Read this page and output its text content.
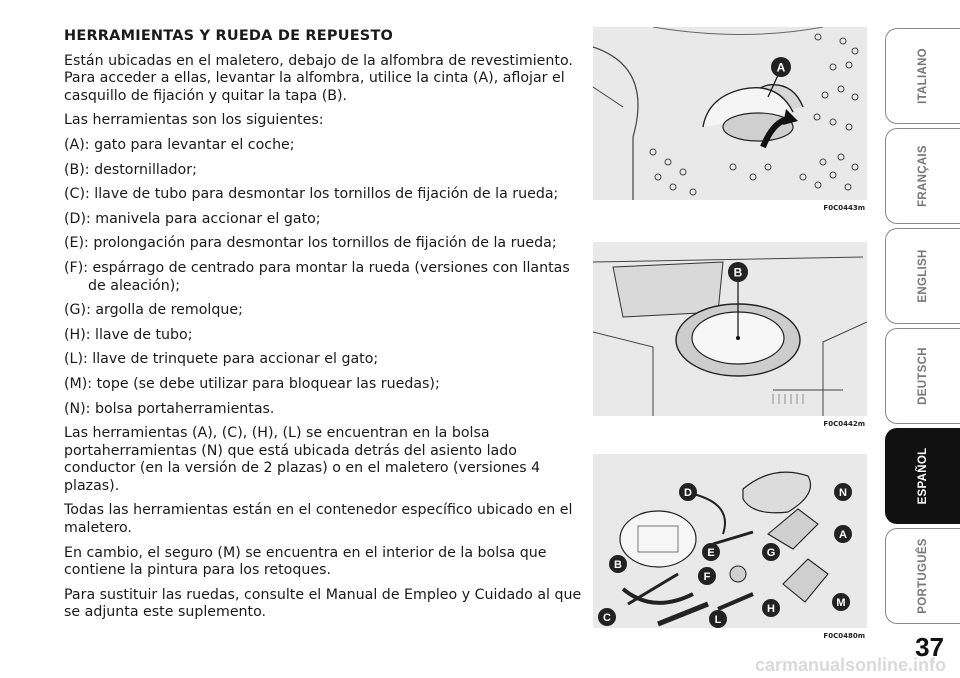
HERRAMIENTAS Y RUEDA DE REPUESTO
Están ubicadas en el maletero, debajo de la alfombra de revestimiento. Para acceder a ellas, levantar la alfombra, utilice la cinta (A), aflojar el casquillo de fijación y quitar la tapa (B).
Las herramientas son los siguientes:
(A): gato para levantar el coche;
(B): destornillador;
(C): llave de tubo para desmontar los tornillos de fijación de la rueda;
(D): manivela para accionar el gato;
(E): prolongación para desmontar los tornillos de fijación de la rueda;
(F): espárrago de centrado para montar la rueda (versiones con llantas de aleación);
(G): argolla de remolque;
(H): llave de tubo;
(L): llave de trinquete para accionar el gato;
(M): tope (se debe utilizar para bloquear las ruedas);
(N): bolsa portaherramientas.
Las herramientas (A), (C), (H), (L) se encuentran en la bolsa portaherramientas (N) que está ubicada detrás del asiento lado conductor (en la versión de 2 plazas) o en el maletero (versiones 4 plazas).
Todas las herramientas están en el contenedor específico ubicado en el maletero.
En cambio, el seguro (M) se encuentra en el interior de la bolsa que contiene la pintura para los retoques.
Para sustituir las ruedas, consulte el Manual de Empleo y Cuidado al que se adjunta este suplemento.
A
F0C0443m
B
F0C0442m
D	N
A
E	G
B
F
M
H
C	L
F0C0480m
ITALIANO
FRANÇAIS
ENGLISH
DEUTSCH
ESPAÑOL
PORTUGUÊS
37
carmanualsonline.info
